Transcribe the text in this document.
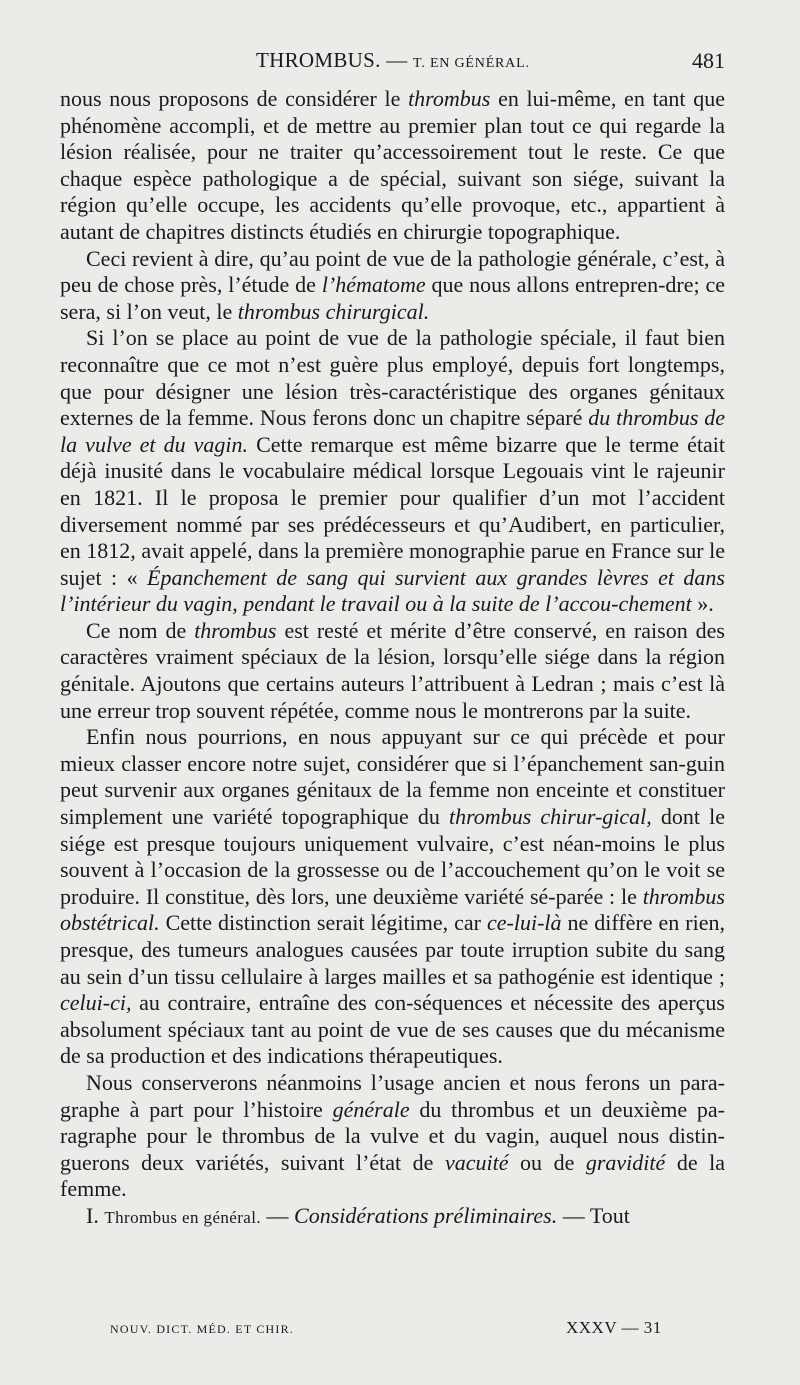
THROMBUS. — T. EN GÉNÉRAL.	481

nous nous proposons de considérer le thrombus en lui-même, en tant que phénomène accompli, et de mettre au premier plan tout ce qui regarde la lésion réalisée, pour ne traiter qu’accessoirement tout le reste. Ce que chaque espèce pathologique a de spécial, suivant son siége, suivant la région qu’elle occupe, les accidents qu’elle provoque, etc., appartient à autant de chapitres distincts étudiés en chirurgie topographique.

Ceci revient à dire, qu’au point de vue de la pathologie générale, c’est, à peu de chose près, l’étude de l’hématome que nous allons entrepren-dre; ce sera, si l’on veut, le thrombus chirurgical.

Si l’on se place au point de vue de la pathologie spéciale, il faut bien reconnaître que ce mot n’est guère plus employé, depuis fort longtemps, que pour désigner une lésion très-caractéristique des organes génitaux externes de la femme. Nous ferons donc un chapitre séparé du thrombus de la vulve et du vagin. Cette remarque est même bizarre que le terme était déjà inusité dans le vocabulaire médical lorsque Legouais vint le rajeunir en 1821. Il le proposa le premier pour qualifier d’un mot l’accident diversement nommé par ses prédécesseurs et qu’Audibert, en particulier, en 1812, avait appelé, dans la première monographie parue en France sur le sujet : « Épanchement de sang qui survient aux grandes lèvres et dans l’intérieur du vagin, pendant le travail ou à la suite de l’accou-chement ».

Ce nom de thrombus est resté et mérite d’être conservé, en raison des caractères vraiment spéciaux de la lésion, lorsqu’elle siége dans la région génitale. Ajoutons que certains auteurs l’attribuent à Ledran ; mais c’est là une erreur trop souvent répétée, comme nous le montrerons par la suite.

Enfin nous pourrions, en nous appuyant sur ce qui précède et pour mieux classer encore notre sujet, considérer que si l’épanchement san-guin peut survenir aux organes génitaux de la femme non enceinte et constituer simplement une variété topographique du thrombus chirur-gical, dont le siége est presque toujours uniquement vulvaire, c’est néan-moins le plus souvent à l’occasion de la grossesse ou de l’accouchement qu’on le voit se produire. Il constitue, dès lors, une deuxième variété sé-parée : le thrombus obstétrical. Cette distinction serait légitime, car ce-lui-là ne diffère en rien, presque, des tumeurs analogues causées par toute irruption subite du sang au sein d’un tissu cellulaire à larges mailles et sa pathogénie est identique ; celui-ci, au contraire, entraîne des con-séquences et nécessite des aperçus absolument spéciaux tant au point de vue de ses causes que du mécanisme de sa production et des indications thérapeutiques.

Nous conserverons néanmoins l’usage ancien et nous ferons un para-graphe à part pour l’histoire générale du thrombus et un deuxième pa-ragraphe pour le thrombus de la vulve et du vagin, auquel nous distin-guerons deux variétés, suivant l’état de vacuité ou de gravidité de la femme.

I. Thrombus en général. — Considérations préliminaires. — Tout

NOUV. DICT. MÉD. ET CHIR.	XXXV — 31
